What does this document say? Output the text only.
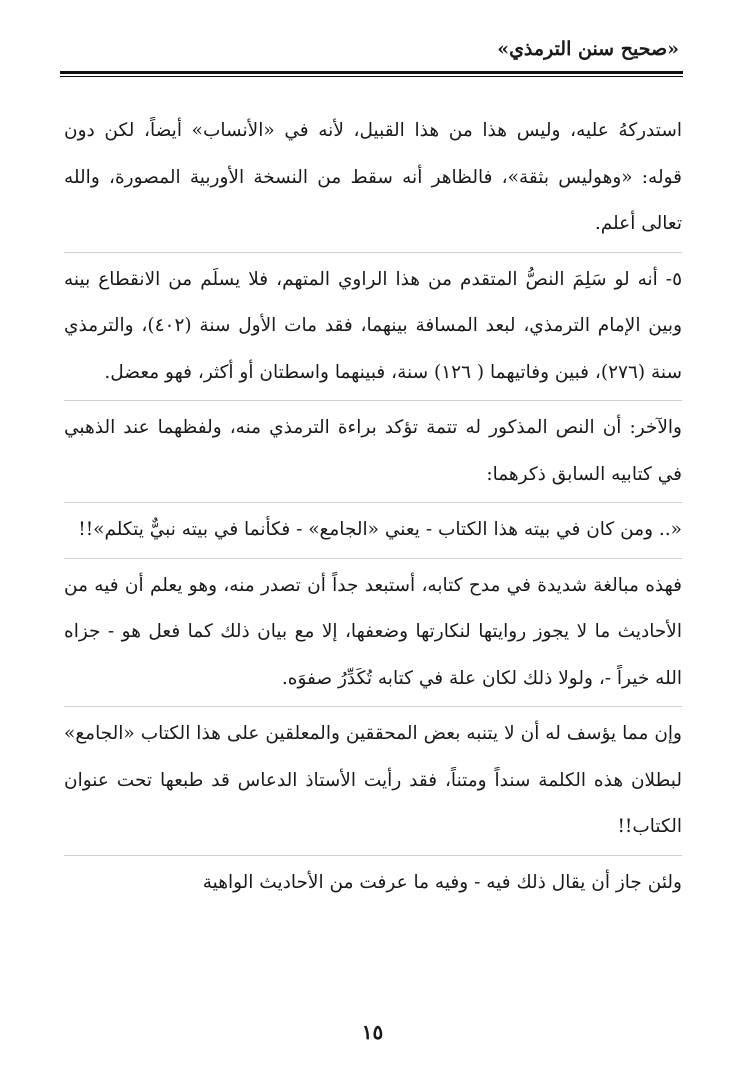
«صحيح سنن الترمذي»

استدركهُ عليه، وليس هذا من هذا القبيل، لأنه في «الأنساب» أيضاً، لكن دون قوله: «وهوليس بثقة»، فالظاهر أنه سقط من النسخة الأوربية المصورة، والله تعالى أعلم.

٥- أنه لو سَلِمَ النصُّ المتقدم من هذا الراوي المتهم، فلا يسلَم من الانقطاع بينه وبين الإمام الترمذي، لبعد المسافة بينهما، فقد مات الأول سنة (٤٠٢)، والترمذي سنة (٢٧٦)، فبين وفاتيهما ( ١٢٦) سنة، فبينهما واسطتان أو أكثر، فهو معضل.

والآخر: أن النص المذكور له تتمة تؤكد براءة الترمذي منه، ولفظهما عند الذهبي في كتابيه السابق ذكرهما:

«.. ومن كان في بيته هذا الكتاب - يعني «الجامع» - فكأنما في بيته نبيٌّ يتكلم»!!

فهذه مبالغة شديدة في مدح كتابه، أستبعد جداً أن تصدر منه، وهو يعلم أن فيه من الأحاديث ما لا يجوز روايتها لنكارتها وضعفها، إلا مع بيان ذلك كما فعل هو - جزاه الله خيراً -، ولولا ذلك لكان علة في كتابه تُكَدِّرُ صفوَه.

وإن مما يؤسف له أن لا يتنبه بعض المحققين والمعلقين على هذا الكتاب «الجامع» لبطلان هذه الكلمة سنداً ومتناً، فقد رأيت الأستاذ الدعاس قد طبعها تحت عنوان الكتاب!!

ولئن جاز أن يقال ذلك فيه - وفيه ما عرفت من الأحاديث الواهية

١٥
